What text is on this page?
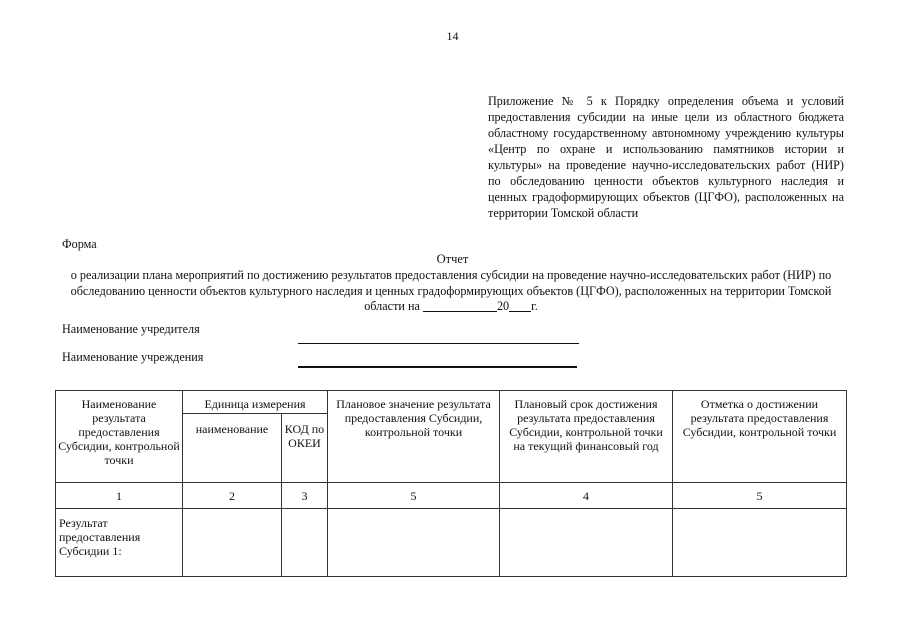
14
Приложение № 5 к Порядку определения объема и условий предоставления субсидии на иные цели из областного бюджета областному государственному автономному учреждению культуры «Центр по охране и использованию памятников истории и культуры» на проведение научно-исследовательских работ (НИР) по обследованию ценности объектов культурного наследия и ценных градоформирующих объектов (ЦГФО), расположенных на территории Томской области
Форма
Отчет
о реализации плана мероприятий по достижению результатов предоставления субсидии на проведение научно-исследовательских работ (НИР) по обследованию ценности объектов культурного наследия и ценных градоформирующих объектов (ЦГФО), расположенных на территории Томской области на	20 г.
Наименование учредителя
Наименование учреждения
Наименование результата предоставления Субсидии, контрольной точки	Единица измерения		Плановое значение результата предоставления Субсидии, контрольной точки	Плановый срок достижения результата предоставления Субсидии, контрольной точки на текущий финансовый год	Отметка о достижении результата предоставления Субсидии, контрольной точки
	наименование	КОД по ОКЕИ			
1	2	3	5	4	5
Результат предоставления Субсидии 1:					
